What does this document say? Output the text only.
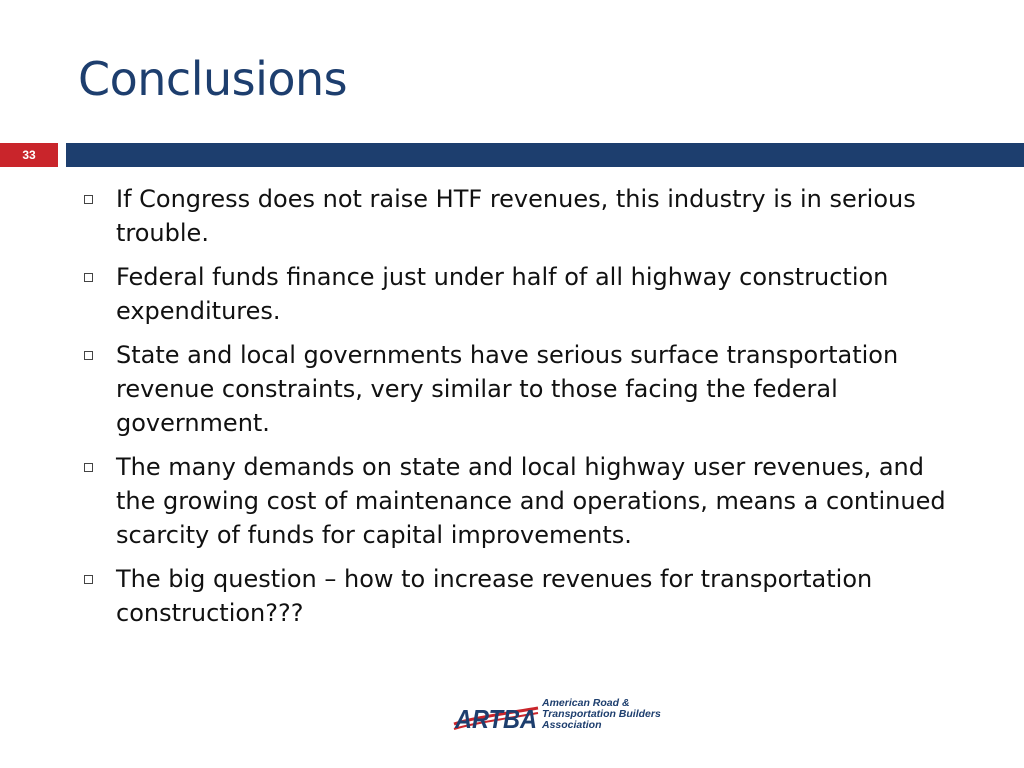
Conclusions
33
If Congress does not raise HTF revenues, this industry is in serious trouble.
Federal funds finance just under half of all highway construction expenditures.
State and local governments have serious surface transportation revenue constraints, very similar to those facing the federal government.
The many demands on state and local highway user revenues, and the growing cost of maintenance and operations, means a continued scarcity of funds for capital improvements.
The big question – how to increase revenues for transportation construction???
ARTBA
American Road &
Transportation Builders
Association
